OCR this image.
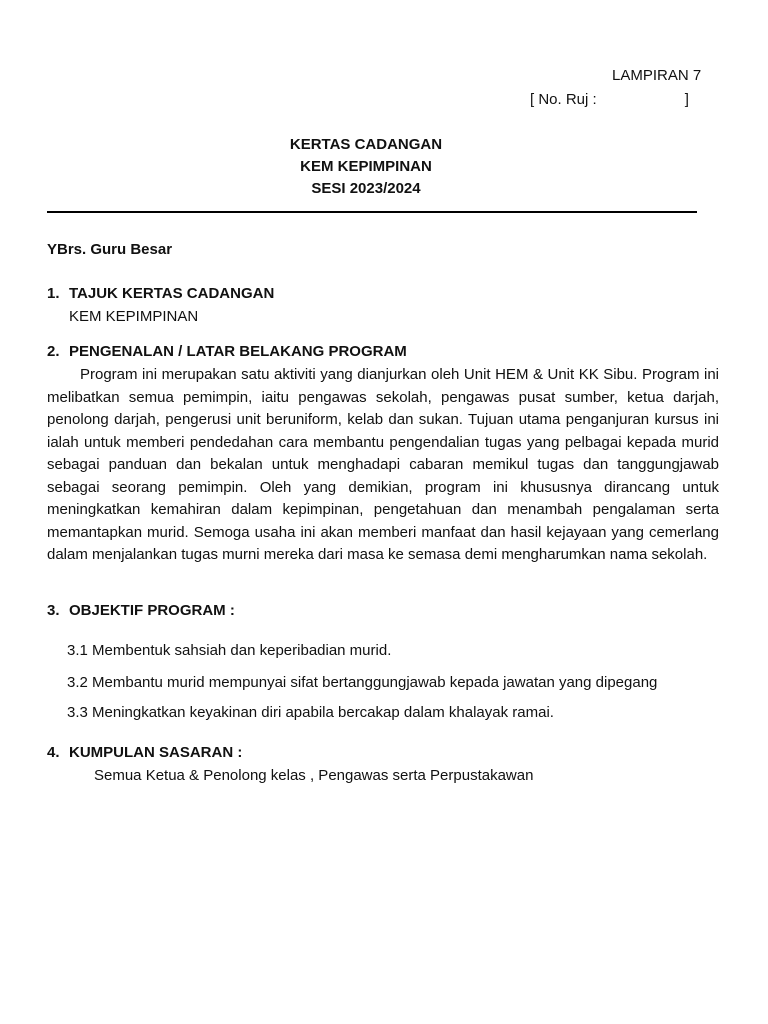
LAMPIRAN 7
[ No. Ruj :	]
KERTAS CADANGAN
KEM KEPIMPINAN
SESI 2023/2024
YBrs. Guru Besar
1. TAJUK KERTAS CADANGAN
KEM KEPIMPINAN
2. PENGENALAN / LATAR BELAKANG PROGRAM
Program ini merupakan satu aktiviti yang dianjurkan oleh Unit HEM & Unit KK Sibu. Program ini melibatkan semua pemimpin, iaitu pengawas sekolah, pengawas pusat sumber, ketua darjah, penolong darjah, pengerusi unit beruniform, kelab dan sukan. Tujuan utama penganjuran kursus ini ialah untuk memberi pendedahan cara membantu pengendalian tugas yang pelbagai kepada murid sebagai panduan dan bekalan untuk menghadapi cabaran memikul tugas dan tanggungjawab sebagai seorang pemimpin. Oleh yang demikian, program ini khususnya dirancang untuk meningkatkan kemahiran dalam kepimpinan, pengetahuan dan menambah pengalaman serta memantapkan murid. Semoga usaha ini akan memberi manfaat dan hasil kejayaan yang cemerlang dalam menjalankan tugas murni mereka dari masa ke semasa demi mengharumkan nama sekolah.
3. OBJEKTIF PROGRAM :
3.1 Membentuk sahsiah dan keperibadian murid.
3.2 Membantu murid mempunyai sifat bertanggungjawab kepada jawatan yang dipegang
3.3 Meningkatkan keyakinan diri apabila bercakap dalam khalayak ramai.
4. KUMPULAN SASARAN :
Semua Ketua & Penolong kelas , Pengawas serta Perpustakawan
